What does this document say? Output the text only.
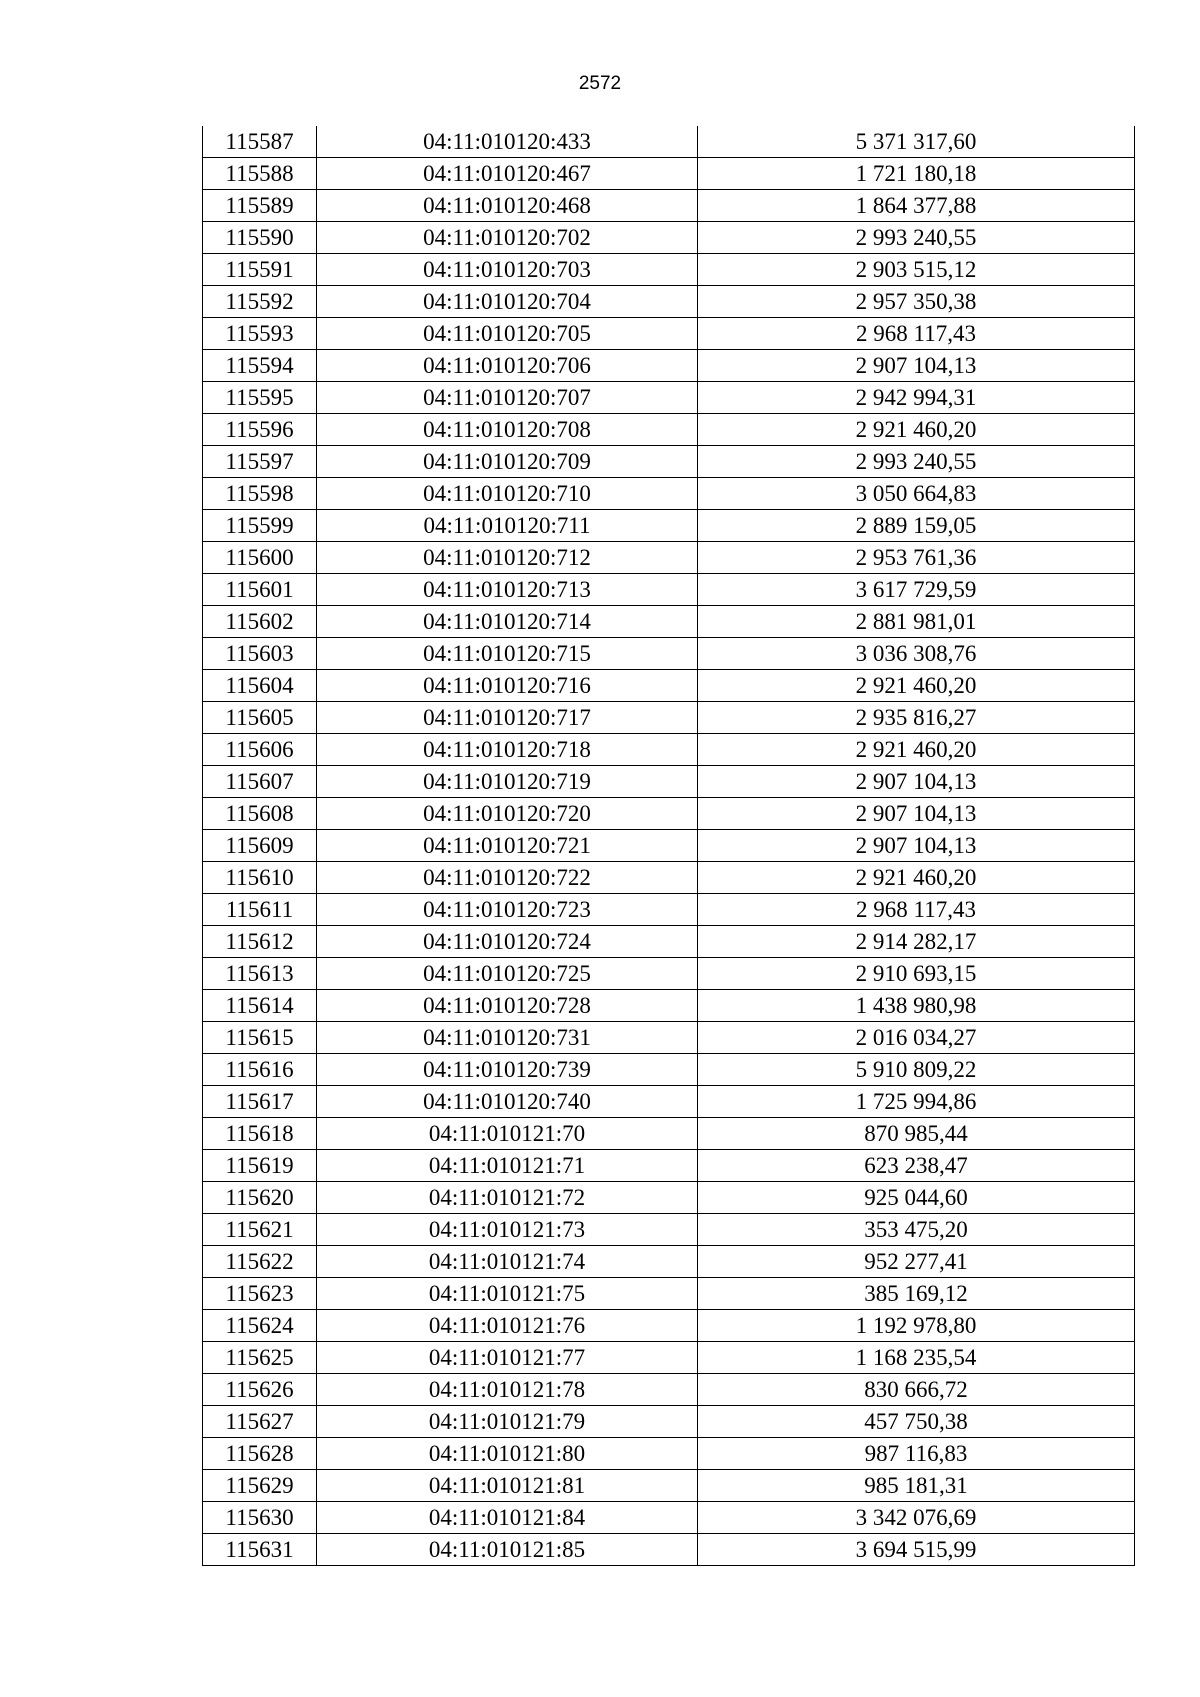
2572
115587	04:11:010120:433	5 371 317,60
115588	04:11:010120:467	1 721 180,18
115589	04:11:010120:468	1 864 377,88
115590	04:11:010120:702	2 993 240,55
115591	04:11:010120:703	2 903 515,12
115592	04:11:010120:704	2 957 350,38
115593	04:11:010120:705	2 968 117,43
115594	04:11:010120:706	2 907 104,13
115595	04:11:010120:707	2 942 994,31
115596	04:11:010120:708	2 921 460,20
115597	04:11:010120:709	2 993 240,55
115598	04:11:010120:710	3 050 664,83
115599	04:11:010120:711	2 889 159,05
115600	04:11:010120:712	2 953 761,36
115601	04:11:010120:713	3 617 729,59
115602	04:11:010120:714	2 881 981,01
115603	04:11:010120:715	3 036 308,76
115604	04:11:010120:716	2 921 460,20
115605	04:11:010120:717	2 935 816,27
115606	04:11:010120:718	2 921 460,20
115607	04:11:010120:719	2 907 104,13
115608	04:11:010120:720	2 907 104,13
115609	04:11:010120:721	2 907 104,13
115610	04:11:010120:722	2 921 460,20
115611	04:11:010120:723	2 968 117,43
115612	04:11:010120:724	2 914 282,17
115613	04:11:010120:725	2 910 693,15
115614	04:11:010120:728	1 438 980,98
115615	04:11:010120:731	2 016 034,27
115616	04:11:010120:739	5 910 809,22
115617	04:11:010120:740	1 725 994,86
115618	04:11:010121:70	870 985,44
115619	04:11:010121:71	623 238,47
115620	04:11:010121:72	925 044,60
115621	04:11:010121:73	353 475,20
115622	04:11:010121:74	952 277,41
115623	04:11:010121:75	385 169,12
115624	04:11:010121:76	1 192 978,80
115625	04:11:010121:77	1 168 235,54
115626	04:11:010121:78	830 666,72
115627	04:11:010121:79	457 750,38
115628	04:11:010121:80	987 116,83
115629	04:11:010121:81	985 181,31
115630	04:11:010121:84	3 342 076,69
115631	04:11:010121:85	3 694 515,99
